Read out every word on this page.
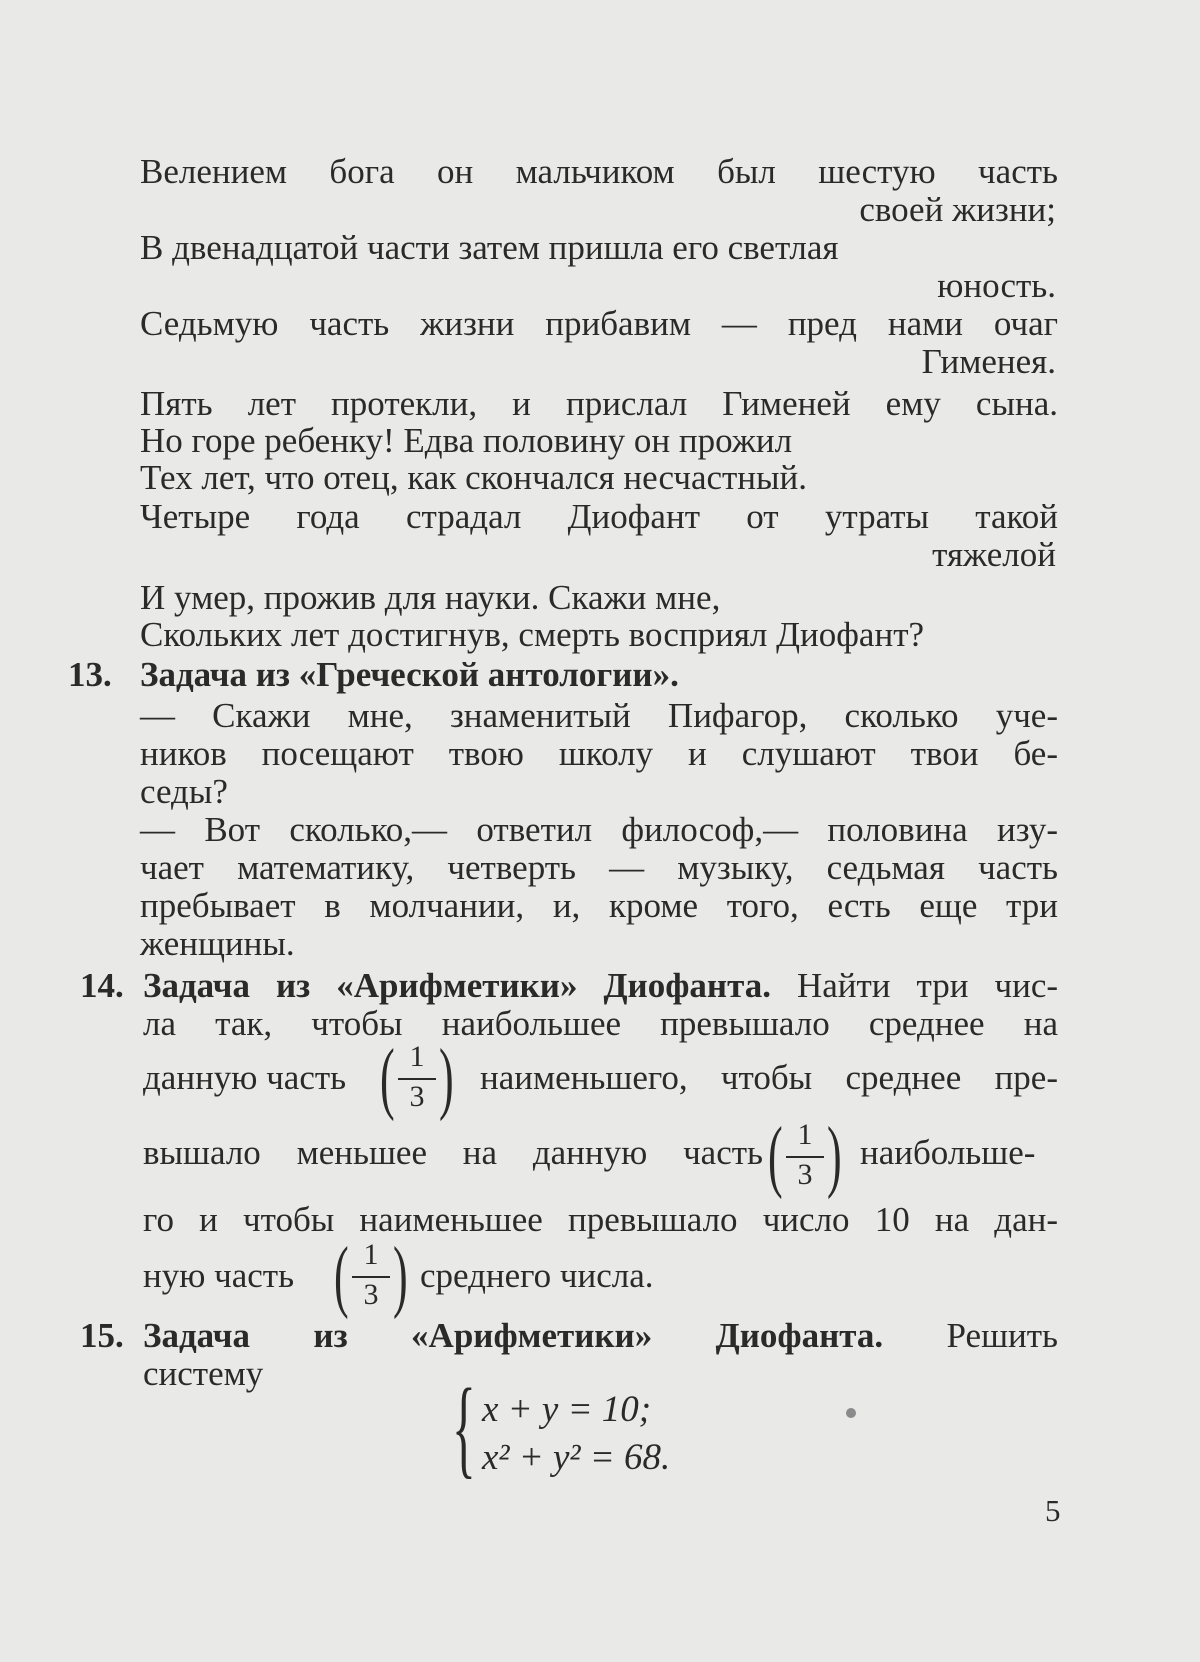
Велением бога он мальчиком был шестую часть
своей жизни;
В двенадцатой части затем пришла его светлая
юность.
Седьмую часть жизни прибавим — пред нами очаг
Гименея.
Пять лет протекли, и прислал Гименей ему сына.
Но горе ребенку! Едва половину он прожил
Тех лет, что отец, как скончался несчастный.
Четыре года страдал Диофант от утраты такой
тяжелой
И умер, прожив для науки. Скажи мне,
Скольких лет достигнув, смерть восприял Диофант?
13. Задача из «Греческой антологии».
— Скажи мне, знаменитый Пифагор, сколько уче-
ников посещают твою школу и слушают твои бе-
седы?
— Вот сколько,— ответил философ,— половина изу-
чает математику, четверть — музыку, седьмая часть
пребывает в молчании, и, кроме того, есть еще три
женщины.
14. Задача из «Арифметики» Диофанта. Найти три чис-
ла так, чтобы наибольшее превышало среднее на
данную часть ( 1
3 ) наименьшего, чтобы среднее пре-
вышало меньшее на данную часть ( 1
3 ) наибольше-
го и чтобы наименьшее превышало число 10 на дан-
ную часть ( 1
3 ) среднего числа.
15. Задача из «Арифметики» Диофанта. Решить
систему { x + y = 10;
x² + y² = 68.
5
